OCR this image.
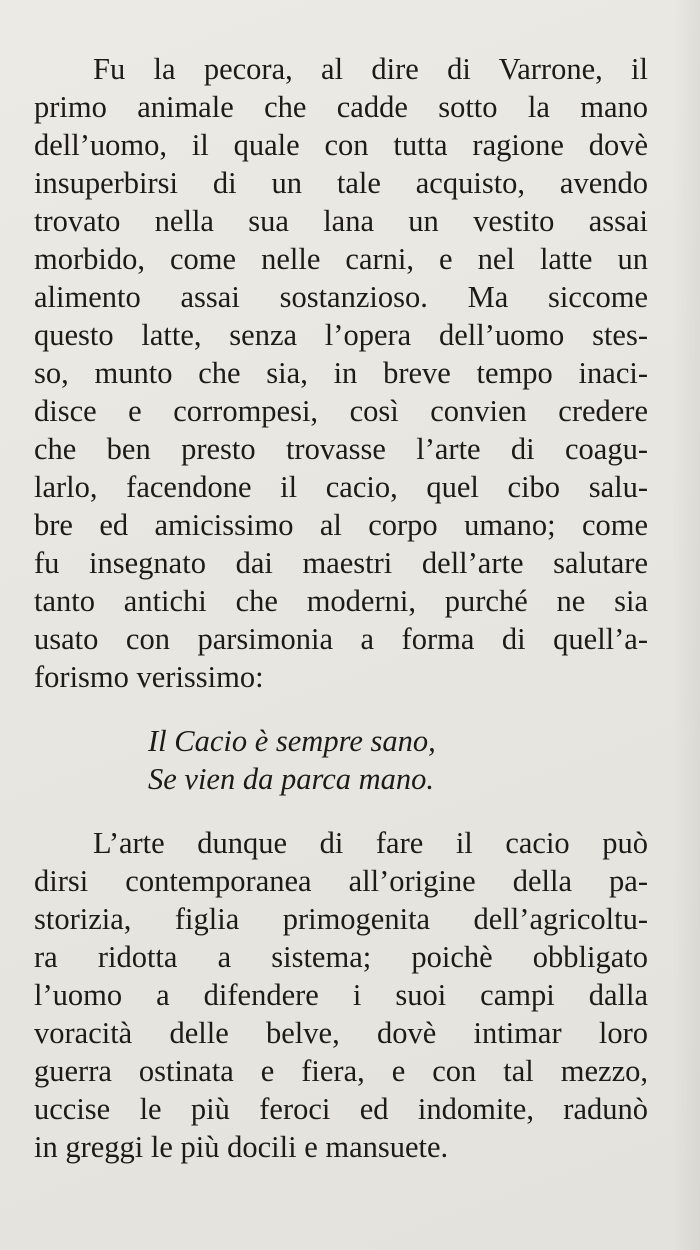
Fu la pecora, al dire di Varrone, il
primo animale che cadde sotto la mano
dell’uomo, il quale con tutta ragione dovè
insuperbirsi di un tale acquisto, avendo
trovato nella sua lana un vestito assai
morbido, come nelle carni, e nel latte un
alimento assai sostanzioso. Ma siccome
questo latte, senza l’opera dell’uomo stes-
so, munto che sia, in breve tempo inaci-
disce e corrompesi, così convien credere
che ben presto trovasse l’arte di coagu-
larlo, facendone il cacio, quel cibo salu-
bre ed amicissimo al corpo umano; come
fu insegnato dai maestri dell’arte salutare
tanto antichi che moderni, purché ne sia
usato con parsimonia a forma di quell’a-
forismo verissimo:
Il Cacio è sempre sano,
Se vien da parca mano.
L’arte dunque di fare il cacio può
dirsi contemporanea all’origine della pa-
storizia, figlia primogenita dell’agricoltu-
ra ridotta a sistema; poichè obbligato
l’uomo a difendere i suoi campi dalla
voracità delle belve, dovè intimar loro
guerra ostinata e fiera, e con tal mezzo,
uccise le più feroci ed indomite, radunò
in greggi le più docili e mansuete.
